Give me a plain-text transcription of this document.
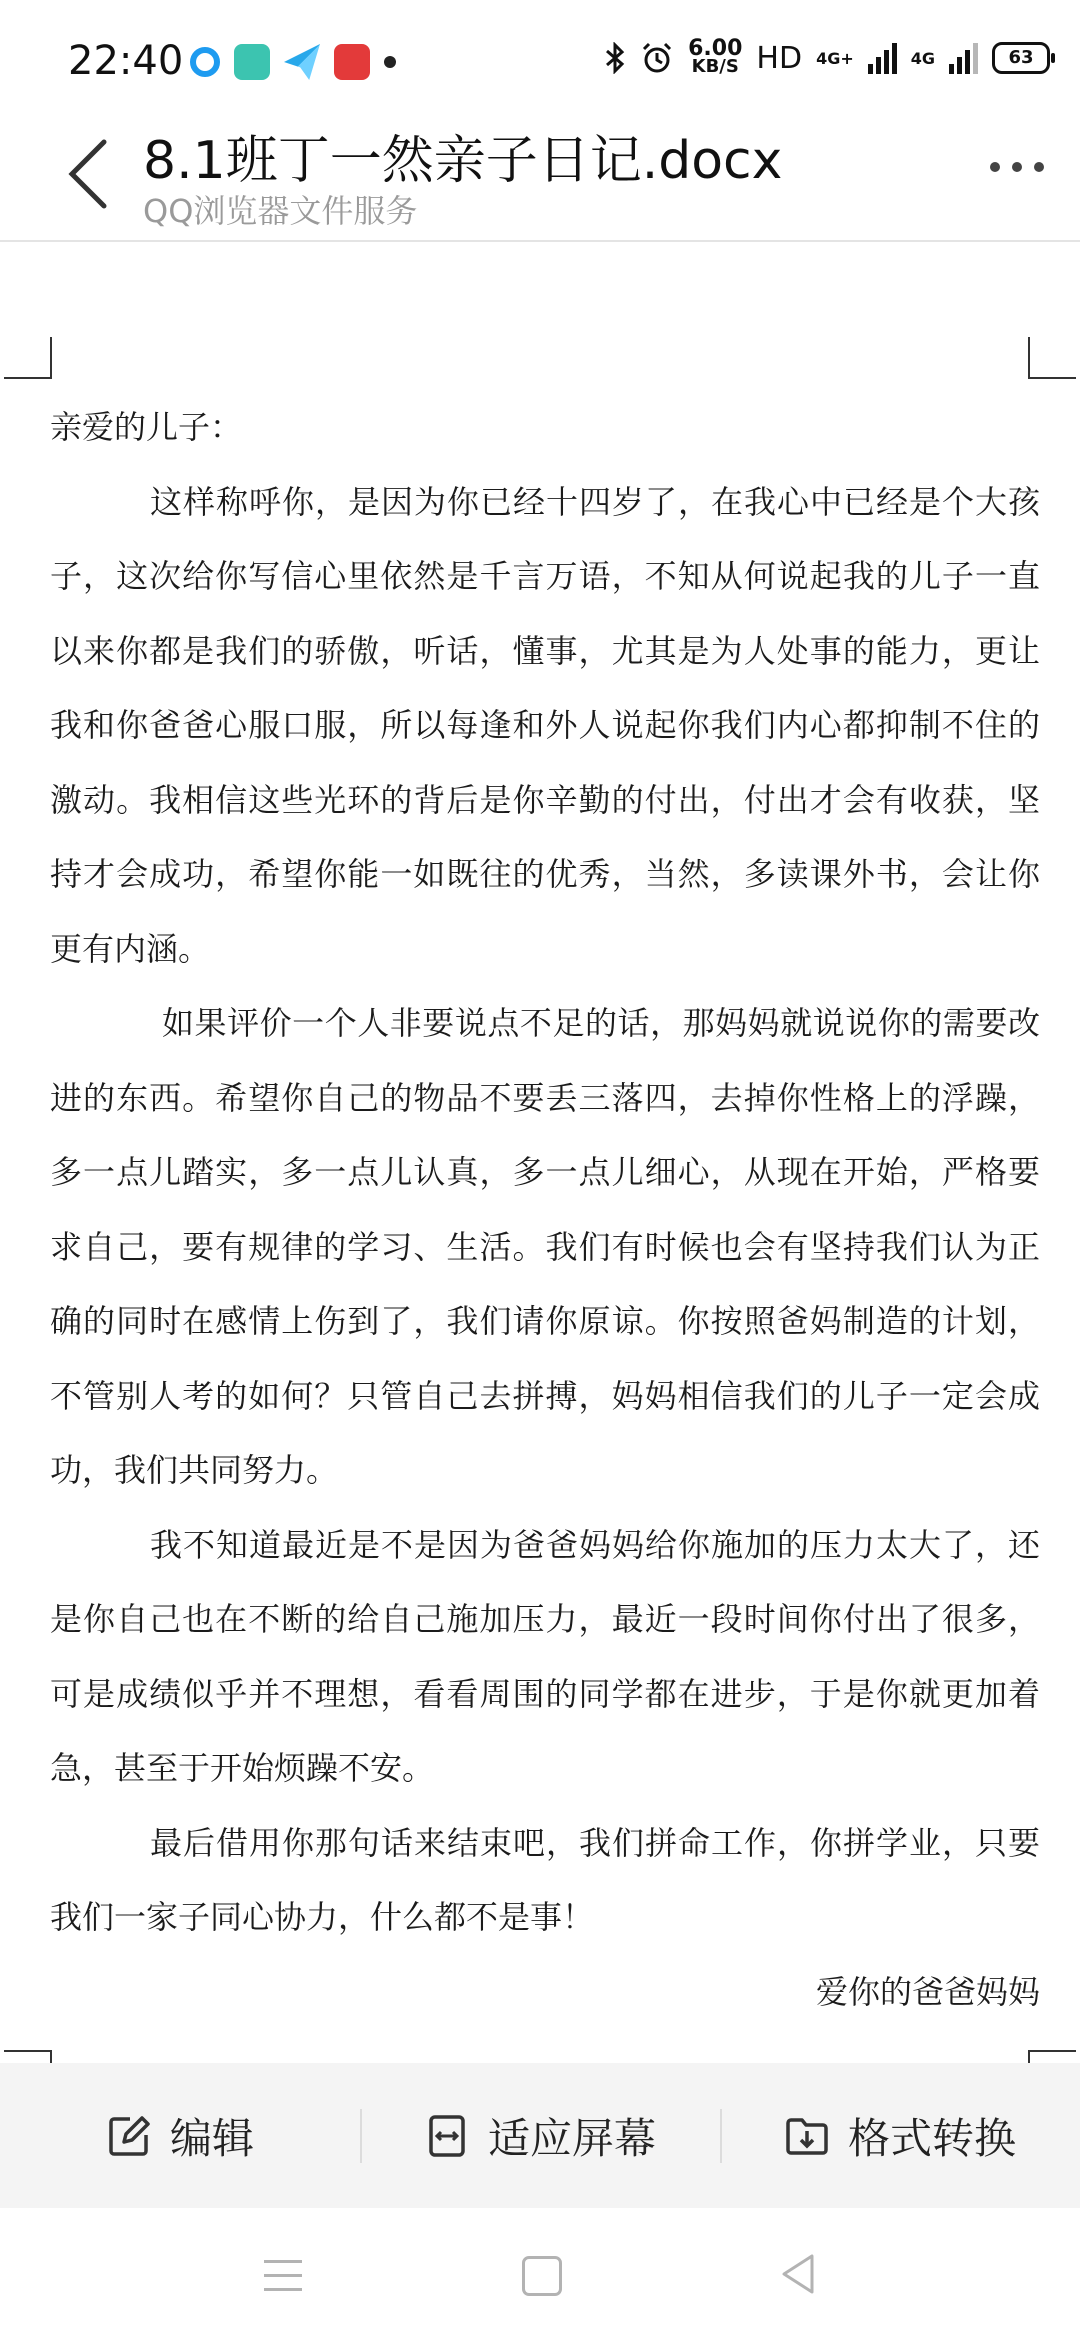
22:40	6.00
KB/S HD 4G+	4G	63
8.1班丁一然亲子日记.docx
QQ浏览器文件服务

亲爱的儿子：

这样称呼你，是因为你已经十四岁了，在我心中已经是个大孩子，这次给你写信心里依然是千言万语，不知从何说起我的儿子一直以来你都是我们的骄傲，听话，懂事，尤其是为人处事的能力，更让我和你爸爸心服口服，所以每逢和外人说起你我们内心都抑制不住的激动。我相信这些光环的背后是你辛勤的付出，付出才会有收获，坚持才会成功，希望你能一如既往的优秀，当然，多读课外书，会让你更有内涵。

如果评价一个人非要说点不足的话，那妈妈就说说你的需要改进的东西。希望你自己的物品不要丢三落四，去掉你性格上的浮躁，多一点儿踏实，多一点儿认真，多一点儿细心，从现在开始，严格要求自己，要有规律的学习、生活。我们有时候也会有坚持我们认为正确的同时在感情上伤到了，我们请你原谅。你按照爸妈制造的计划，不管别人考的如何？只管自己去拼搏，妈妈相信我们的儿子一定会成功，我们共同努力。

我不知道最近是不是因为爸爸妈妈给你施加的压力太大了，还是你自己也在不断的给自己施加压力，最近一段时间你付出了很多，可是成绩似乎并不理想，看看周围的同学都在进步，于是你就更加着急，甚至于开始烦躁不安。

最后借用你那句话来结束吧，我们拼命工作，你拼学业，只要我们一家子同心协力，什么都不是事！

爱你的爸爸妈妈

编辑	适应屏幕	格式转换
